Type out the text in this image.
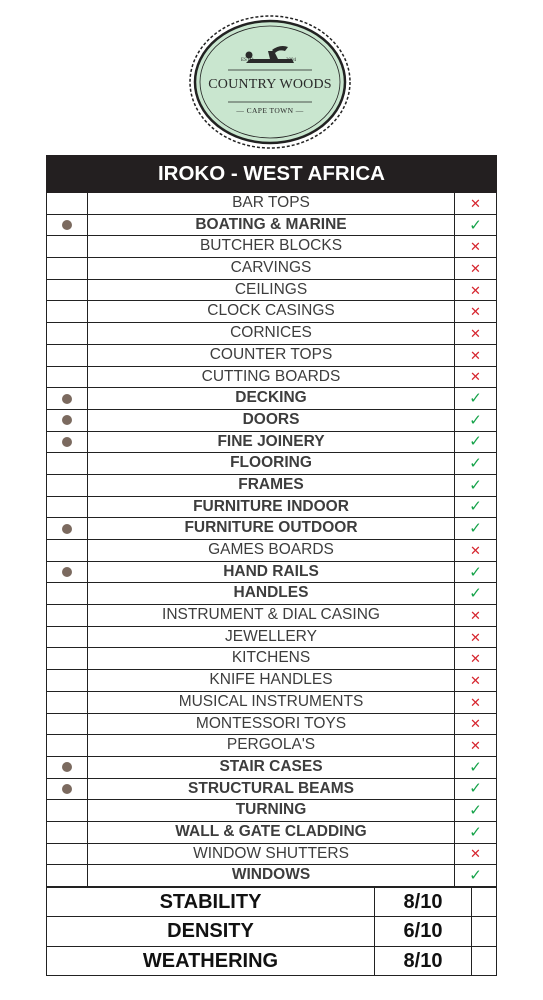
ESTD	2004
COUNTRY WOODS
— CAPE TOWN —
IROKO - WEST AFRICA
BAR TOPS	✕
BOATING & MARINE	✓
BUTCHER BLOCKS	✕
CARVINGS	✕
CEILINGS	✕
CLOCK CASINGS	✕
CORNICES	✕
COUNTER TOPS	✕
CUTTING BOARDS	✕
DECKING	✓
DOORS	✓
FINE JOINERY	✓
FLOORING	✓
FRAMES	✓
FURNITURE INDOOR	✓
FURNITURE OUTDOOR	✓
GAMES BOARDS	✕
HAND RAILS	✓
HANDLES	✓
INSTRUMENT & DIAL CASING	✕
JEWELLERY	✕
KITCHENS	✕
KNIFE HANDLES	✕
MUSICAL INSTRUMENTS	✕
MONTESSORI TOYS	✕
PERGOLA'S	✕
STAIR CASES	✓
STRUCTURAL BEAMS	✓
TURNING	✓
WALL & GATE CLADDING	✓
WINDOW SHUTTERS	✕
WINDOWS	✓
STABILITY	8/10
DENSITY	6/10
WEATHERING	8/10
